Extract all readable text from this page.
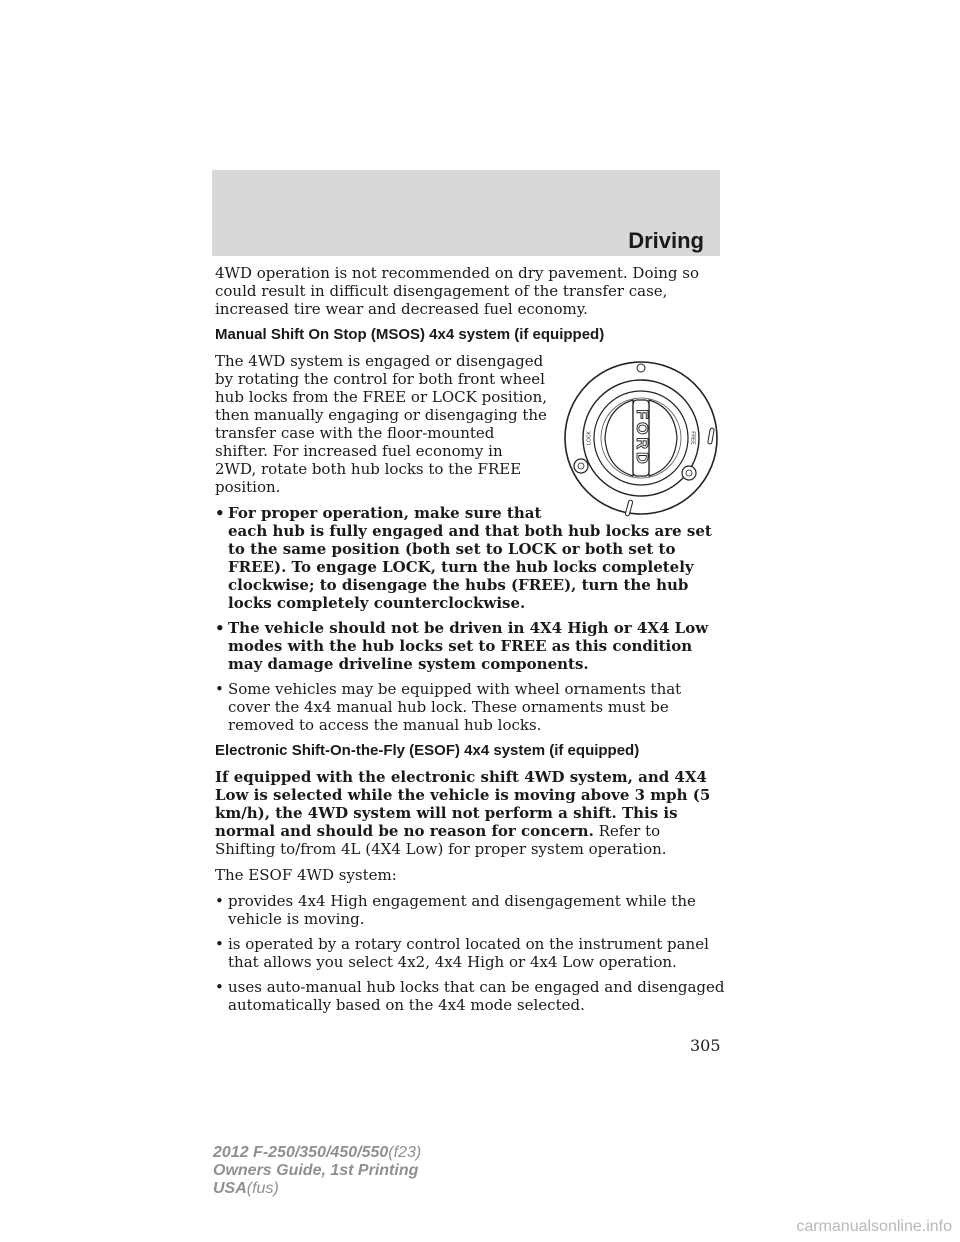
Driving

4WD operation is not recommended on dry pavement. Doing so could result in difficult disengagement of the transfer case, increased tire wear and decreased fuel economy.

Manual Shift On Stop (MSOS) 4x4 system (if equipped)
FORD
LOCK	FREE

The 4WD system is engaged or disengaged by rotating the control for both front wheel hub locks from the FREE or LOCK position, then manually engaging or disengaging the transfer case with the floor-mounted shifter. For increased fuel economy in 2WD, rotate both hub locks to the FREE position.

• For proper operation, make sure that each hub is fully engaged and that both hub locks are set to the same position (both set to LOCK or both set to FREE). To engage LOCK, turn the hub locks completely clockwise; to disengage the hubs (FREE), turn the hub locks completely counterclockwise.
• The vehicle should not be driven in 4X4 High or 4X4 Low modes with the hub locks set to FREE as this condition may damage driveline system components.
• Some vehicles may be equipped with wheel ornaments that cover the 4x4 manual hub lock. These ornaments must be removed to access the manual hub locks.
Electronic Shift-On-the-Fly (ESOF) 4x4 system (if equipped)

If equipped with the electronic shift 4WD system, and 4X4 Low is selected while the vehicle is moving above 3 mph (5 km/h), the 4WD system will not perform a shift. This is normal and should be no reason for concern. Refer to Shifting to/from 4L (4X4 Low) for proper system operation.

The ESOF 4WD system:

• provides 4x4 High engagement and disengagement while the vehicle is moving.
• is operated by a rotary control located on the instrument panel that allows you select 4x2, 4x4 High or 4x4 Low operation.
• uses auto-manual hub locks that can be engaged and disengaged automatically based on the 4x4 mode selected.
305
2012 F-250/350/450/550(f23)
Owners Guide, 1st Printing
USA(fus)
carmanualsonline.info
